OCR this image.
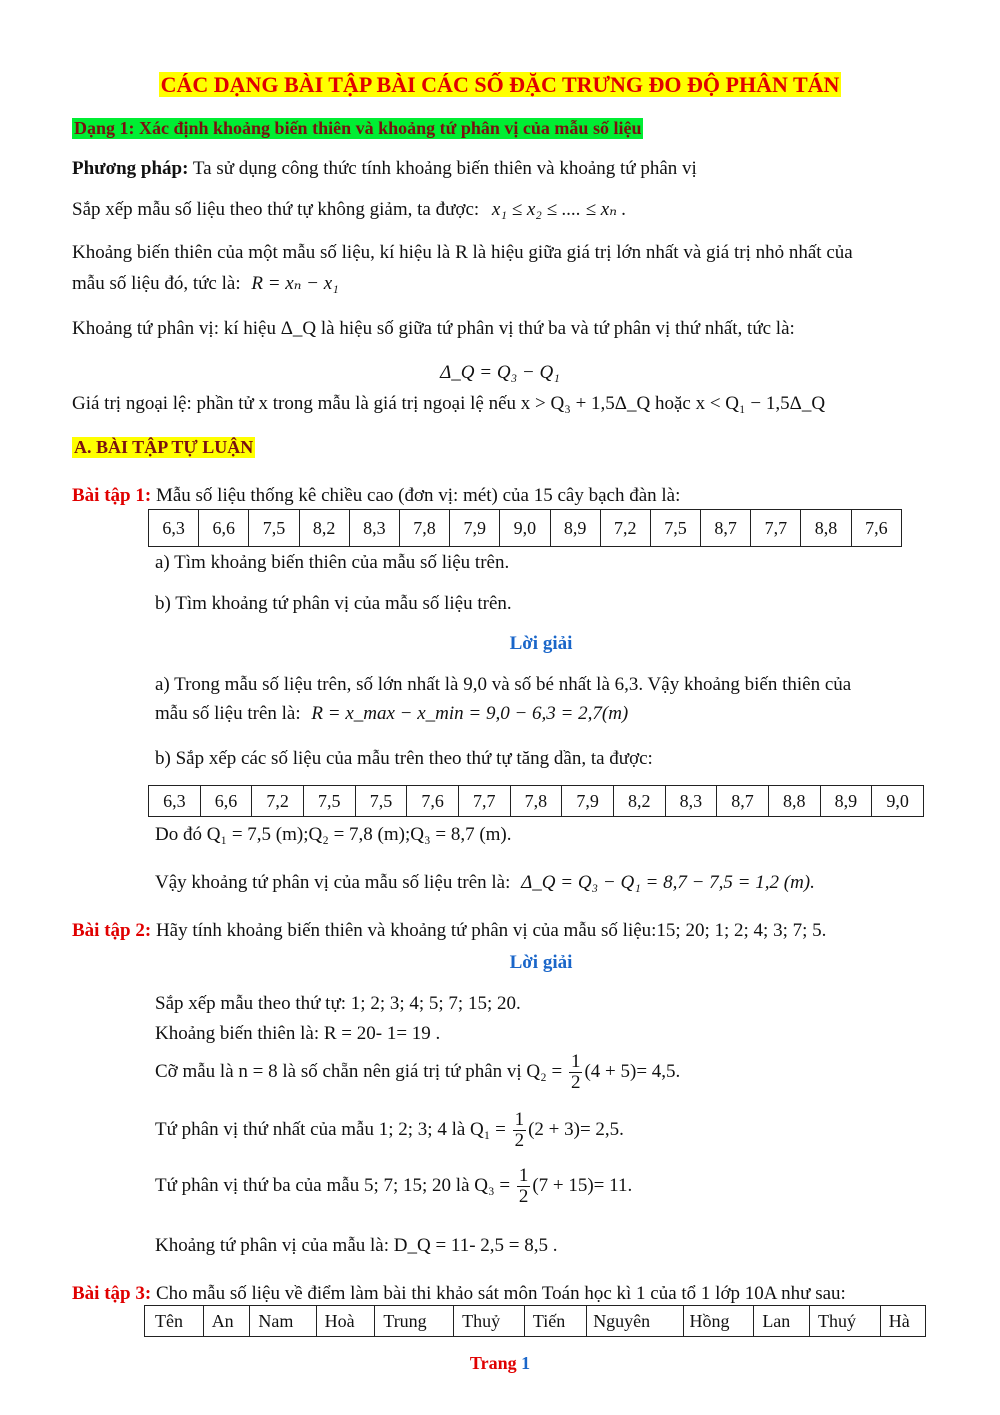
CÁC DẠNG BÀI TẬP BÀI CÁC SỐ ĐẶC TRƯNG ĐO ĐỘ PHÂN TÁN
Dạng 1: Xác định khoảng biến thiên và khoảng tứ phân vị của mẫu số liệu
Phương pháp: Ta sử dụng công thức tính khoảng biến thiên và khoảng tứ phân vị
Sắp xếp mẫu số liệu theo thứ tự không giảm, ta được: x₁ ≤ x₂ ≤ .... ≤ xₙ .
Khoảng biến thiên của một mẫu số liệu, kí hiệu là R là hiệu giữa giá trị lớn nhất và giá trị nhỏ nhất của
mẫu số liệu đó, tức là: R = xₙ − x₁
Khoảng tứ phân vị: kí hiệu Δ_Q là hiệu số giữa tứ phân vị thứ ba và tứ phân vị thứ nhất, tức là:
Δ_Q = Q₃ − Q₁
Giá trị ngoại lệ: phần tử x trong mẫu là giá trị ngoại lệ nếu x > Q₃ + 1,5Δ_Q hoặc x < Q₁ − 1,5Δ_Q
A. BÀI TẬP TỰ LUẬN
Bài tập 1: Mẫu số liệu thống kê chiều cao (đơn vị: mét) của 15 cây bạch đàn là:
6,3	6,6	7,5	8,2	8,3	7,8	7,9	9,0	8,9	7,2	7,5	8,7	7,7	8,8	7,6
a) Tìm khoảng biến thiên của mẫu số liệu trên.
b) Tìm khoảng tứ phân vị của mẫu số liệu trên.
Lời giải
a) Trong mẫu số liệu trên, số lớn nhất là 9,0 và số bé nhất là 6,3. Vậy khoảng biến thiên của
mẫu số liệu trên là: R = x_max − x_min = 9,0 − 6,3 = 2,7(m)
b) Sắp xếp các số liệu của mẫu trên theo thứ tự tăng dần, ta được:
6,3	6,6	7,2	7,5	7,5	7,6	7,7	7,8	7,9	8,2	8,3	8,7	8,8	8,9	9,0
Do đó Q₁ = 7,5 (m);Q₂ = 7,8 (m);Q₃ = 8,7 (m).
Vậy khoảng tứ phân vị của mẫu số liệu trên là: Δ_Q = Q₃ − Q₁ = 8,7 − 7,5 = 1,2 (m).
Bài tập 2: Hãy tính khoảng biến thiên và khoảng tứ phân vị của mẫu số liệu:15; 20; 1; 2; 4; 3; 7; 5.
Lời giải
Sắp xếp mẫu theo thứ tự: 1; 2; 3; 4; 5; 7; 15; 20.
Khoảng biến thiên là: R = 20- 1= 19 .
Cỡ mẫu là n = 8 là số chẵn nên giá trị tứ phân vị $Q_2 = \frac{1}{2} (4 + 5)= 4,5$.
Tứ phân vị thứ nhất của mẫu 1; 2; 3; 4 là $Q_1 = \frac{1}{2} (2 + 3)= 2,5$.
Tứ phân vị thứ ba của mẫu 5; 7; 15; 20 là $Q_3 = \frac{1}{2} (7 + 15)= 11$.
Khoảng tứ phân vị của mẫu là: D_Q = 11- 2,5 = 8,5 .
Bài tập 3: Cho mẫu số liệu về điểm làm bài thi khảo sát môn Toán học kì 1 của tổ 1 lớp 10A như sau:
Tên	An	Nam	Hoà	Trung	Thuỷ	Tiến	Nguyên	Hồng	Lan	Thuý	Hà
Trang 1
